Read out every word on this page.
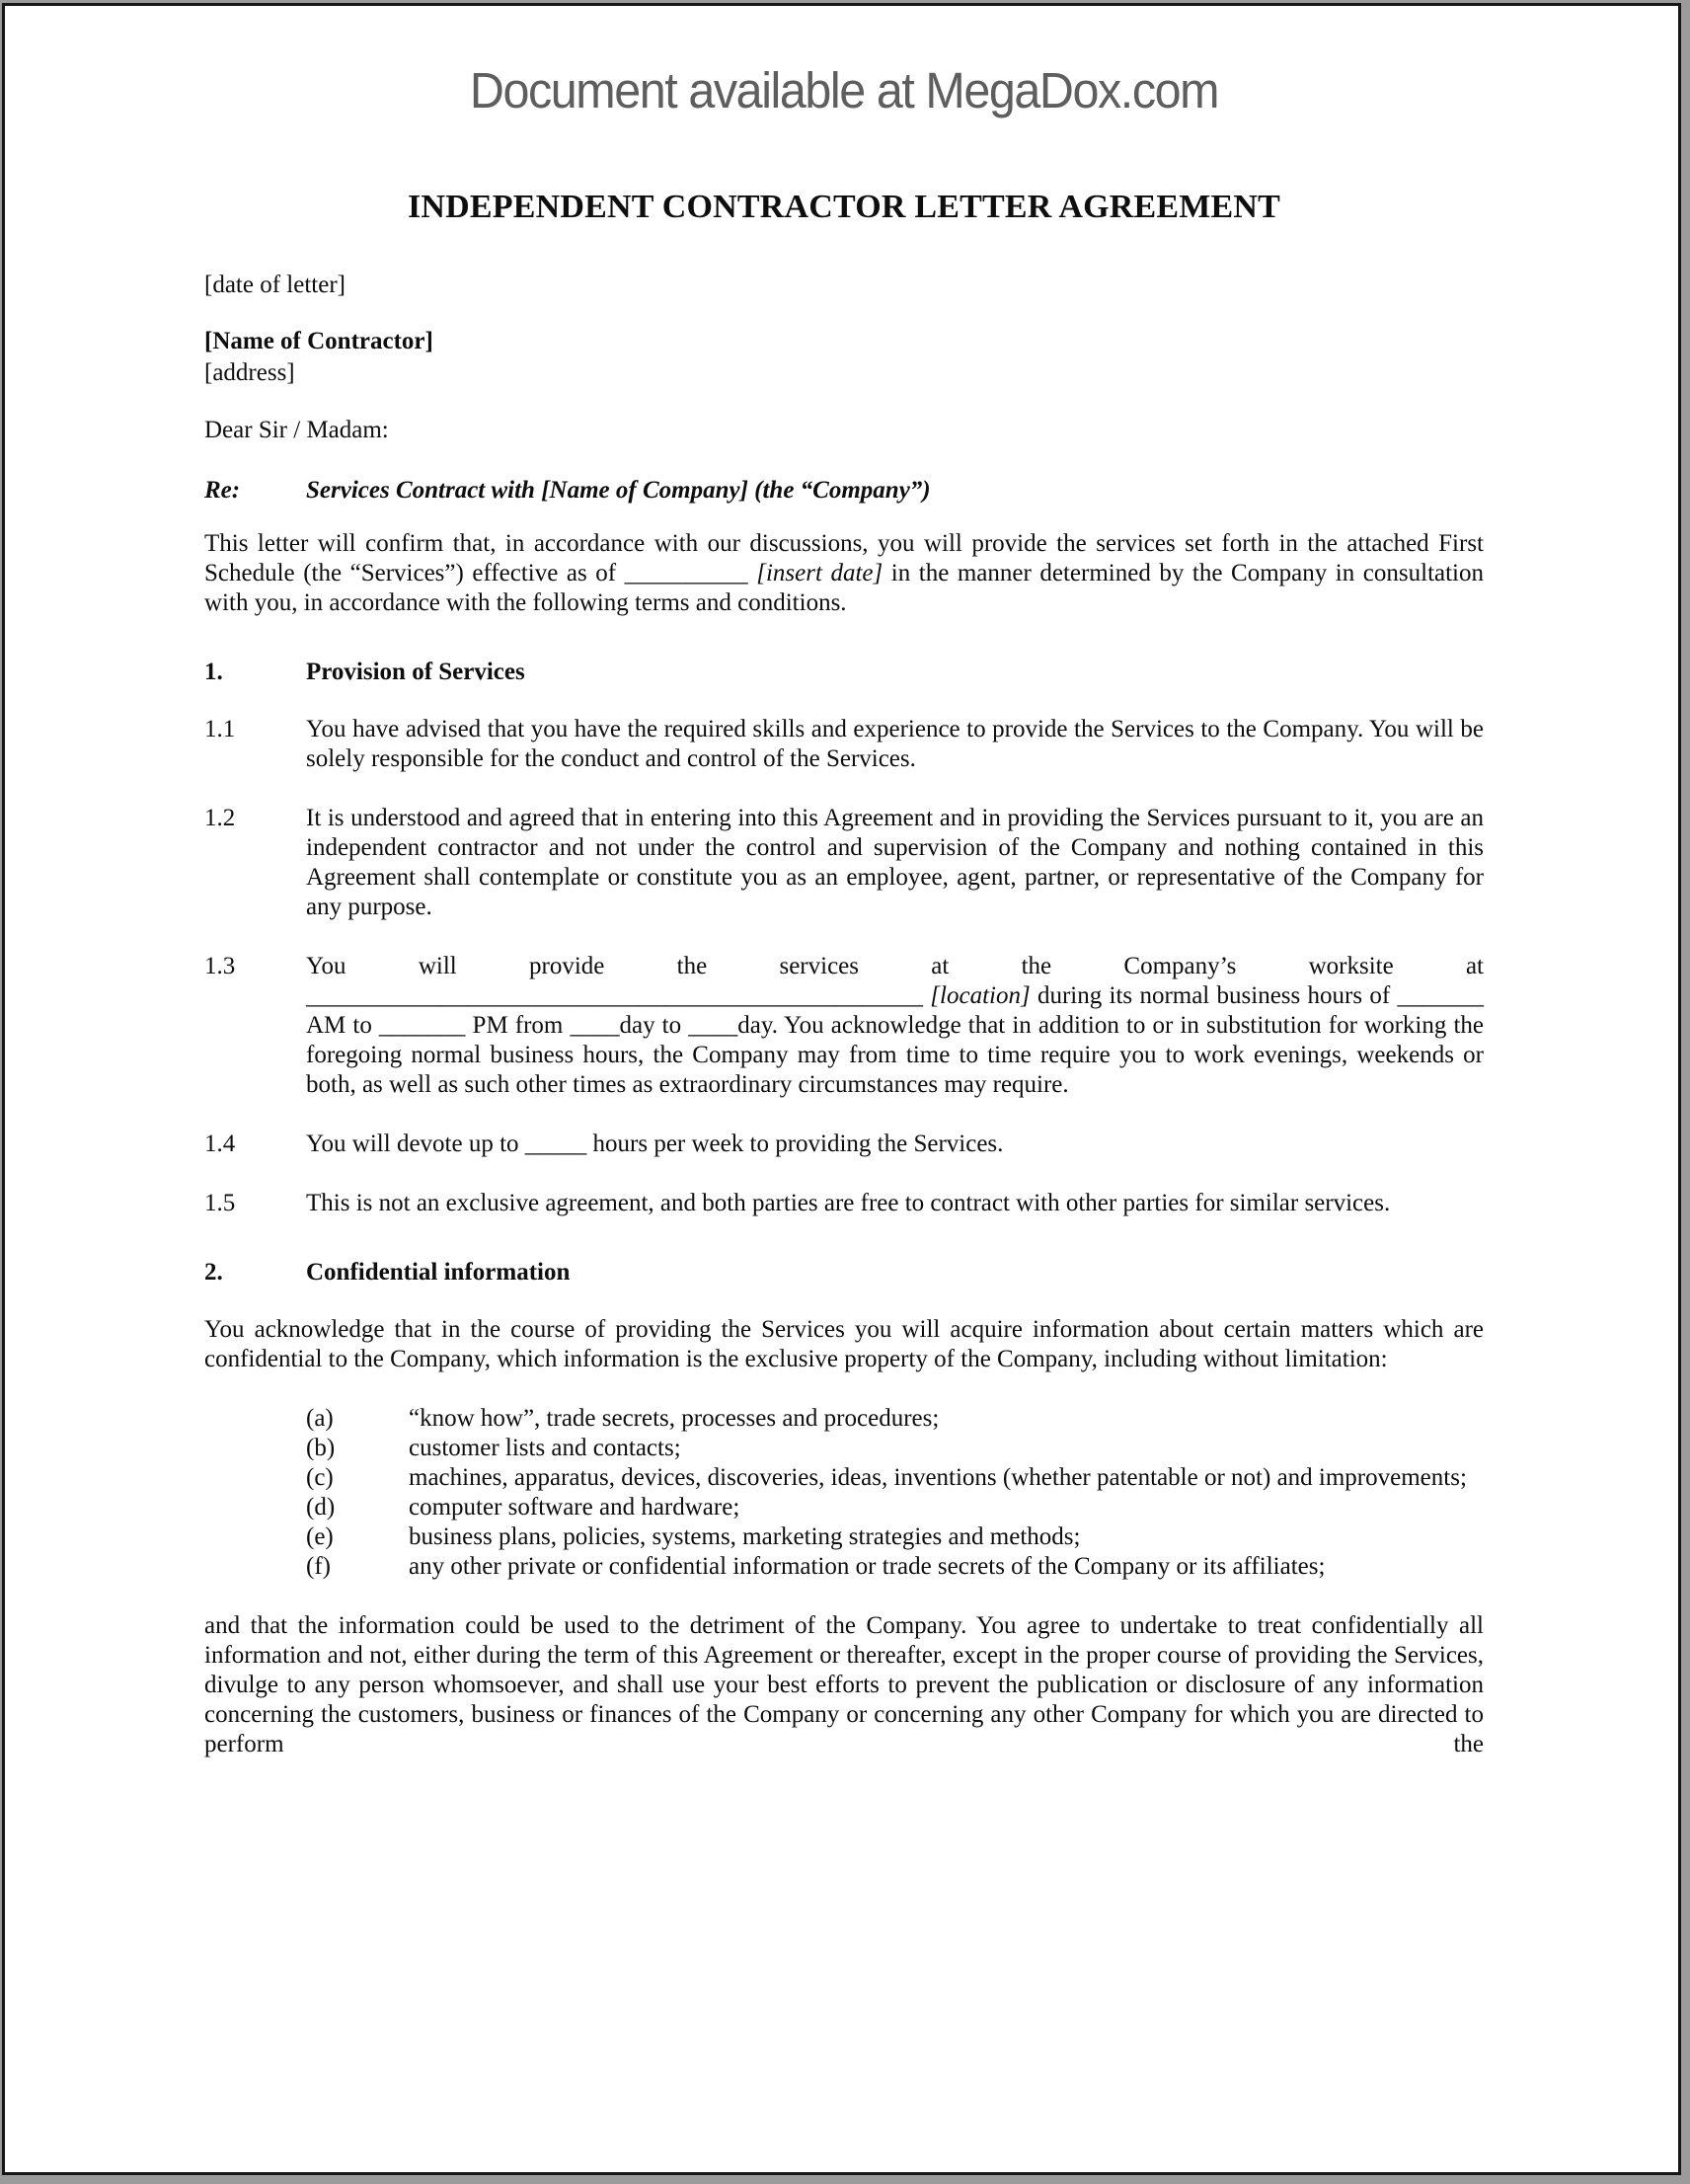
Document available at MegaDox.com
INDEPENDENT CONTRACTOR LETTER AGREEMENT

[date of letter]

[Name of Contractor]

[address]

Dear Sir / Madam:

Re:	Services Contract with [Name of Company] (the “Company”)

This letter will confirm that, in accordance with our discussions, you will provide the services set forth in the attached First Schedule (the “Services”) effective as of __________ [insert date] in the manner determined by the Company in consultation with you, in accordance with the following terms and conditions.

1.	Provision of Services
1.1	You have advised that you have the required skills and experience to provide the Services to the Company. You will be solely responsible for the conduct and control of the Services.
1.2	It is understood and agreed that in entering into this Agreement and in providing the Services pursuant to it, you are an independent contractor and not under the control and supervision of the Company and nothing contained in this Agreement shall contemplate or constitute you as an employee, agent, partner, or representative of the Company for any purpose.
1.3	You will provide the services at the Company’s worksite at __________________________________________________ [location] during its normal business hours of _______ AM to _______ PM from ____day to ____day. You acknowledge that in addition to or in substitution for working the foregoing normal business hours, the Company may from time to time require you to work evenings, weekends or both, as well as such other times as extraordinary circumstances may require.
1.4	You will devote up to _____ hours per week to providing the Services.
1.5	This is not an exclusive agreement, and both parties are free to contract with other parties for similar services.
2.	Confidential information

You acknowledge that in the course of providing the Services you will acquire information about certain matters which are confidential to the Company, which information is the exclusive property of the Company, including without limitation:

(a)	“know how”, trade secrets, processes and procedures;
(b)	customer lists and contacts;
(c)	machines, apparatus, devices, discoveries, ideas, inventions (whether patentable or not) and improvements;
(d)	computer software and hardware;
(e)	business plans, policies, systems, marketing strategies and methods;
(f)	any other private or confidential information or trade secrets of the Company or its affiliates;

and that the information could be used to the detriment of the Company. You agree to undertake to treat confidentially all information and not, either during the term of this Agreement or thereafter, except in the proper course of providing the Services, divulge to any person whomsoever, and shall use your best efforts to prevent the publication or disclosure of any information concerning the customers, business or finances of the Company or concerning any other Company for which you are directed to perform the
